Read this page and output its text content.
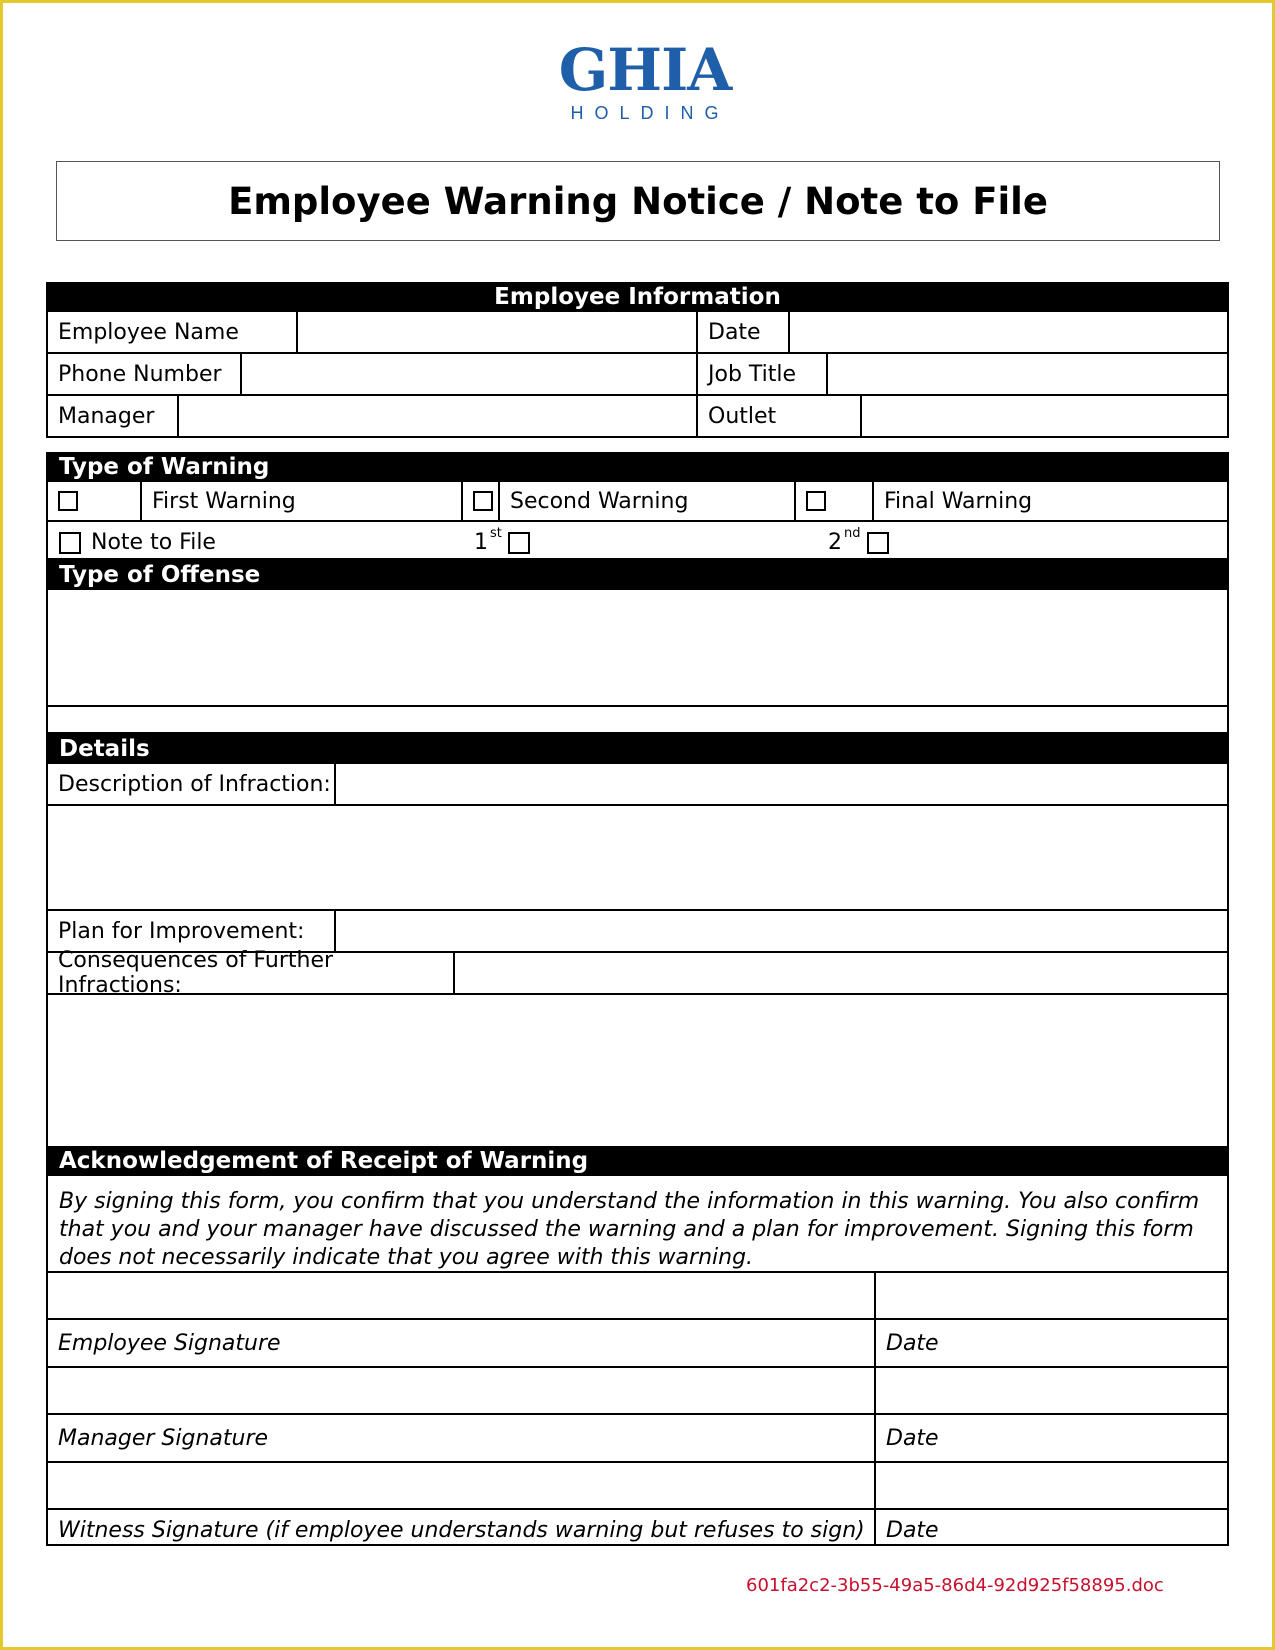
GHIA
HOLDING
Employee Warning Notice / Note to File
Employee Information
Employee Name	Date
Phone Number	Job Title
Manager	Outlet
Type of Warning
First Warning	Second Warning	Final Warning
Note to File	1 st	2 nd
Type of Offense
Details
Description of Infraction:
Plan for Improvement:
Consequences of Further Infractions:
Acknowledgement of Receipt of Warning
By signing this form, you confirm that you understand the information in this warning. You also confirm that you and your manager have discussed the warning and a plan for improvement. Signing this form does not necessarily indicate that you agree with this warning.
Employee Signature	Date
Manager Signature	Date
Witness Signature (if employee understands warning but refuses to sign) Date
601fa2c2-3b55-49a5-86d4-92d925f58895.doc
